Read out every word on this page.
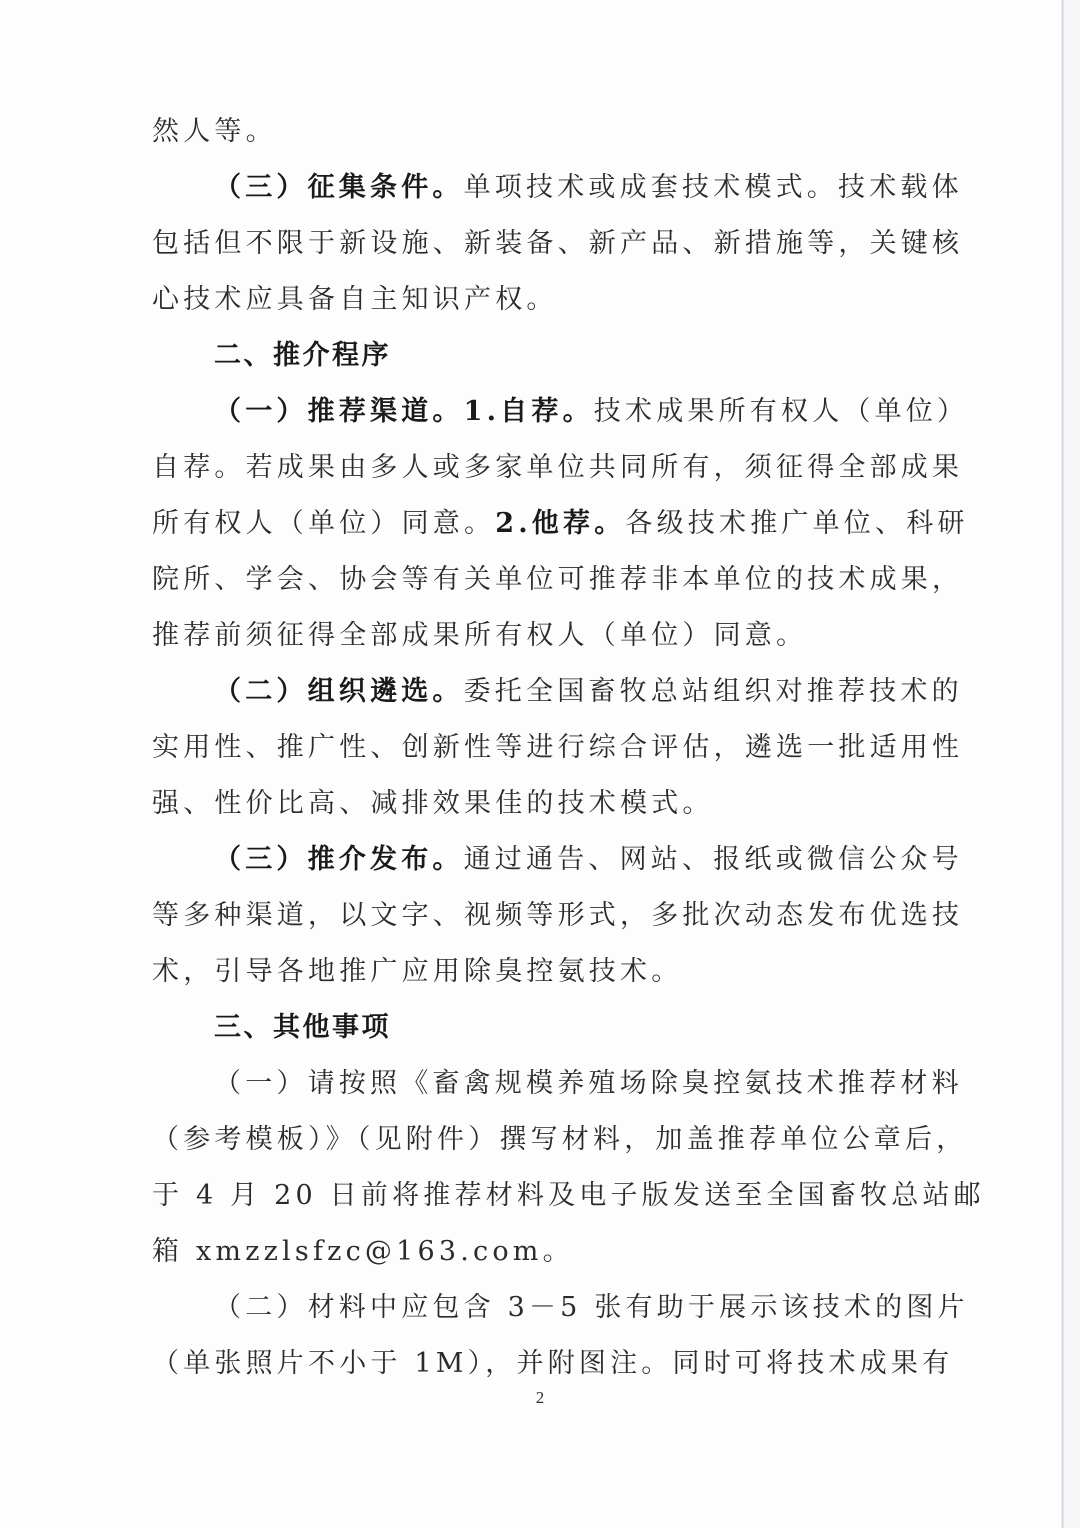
然人等。
（三）征集条件。单项技术或成套技术模式。技术载体
包括但不限于新设施、新装备、新产品、新措施等，关键核
心技术应具备自主知识产权。
二、推介程序
（一）推荐渠道。1.自荐。技术成果所有权人（单位）
自荐。若成果由多人或多家单位共同所有，须征得全部成果
所有权人（单位）同意。2.他荐。各级技术推广单位、科研
院所、学会、协会等有关单位可推荐非本单位的技术成果，
推荐前须征得全部成果所有权人（单位）同意。
（二）组织遴选。委托全国畜牧总站组织对推荐技术的
实用性、推广性、创新性等进行综合评估，遴选一批适用性
强、性价比高、减排效果佳的技术模式。
（三）推介发布。通过通告、网站、报纸或微信公众号
等多种渠道，以文字、视频等形式，多批次动态发布优选技
术，引导各地推广应用除臭控氨技术。
三、其他事项
（一）请按照《畜禽规模养殖场除臭控氨技术推荐材料
（参考模板）》（见附件）撰写材料，加盖推荐单位公章后，
于 4 月 20 日前将推荐材料及电子版发送至全国畜牧总站邮
箱 xmzzlsfzc@163.com。
（二）材料中应包含 3－5 张有助于展示该技术的图片
（单张照片不小于 1M），并附图注。同时可将技术成果有
2
